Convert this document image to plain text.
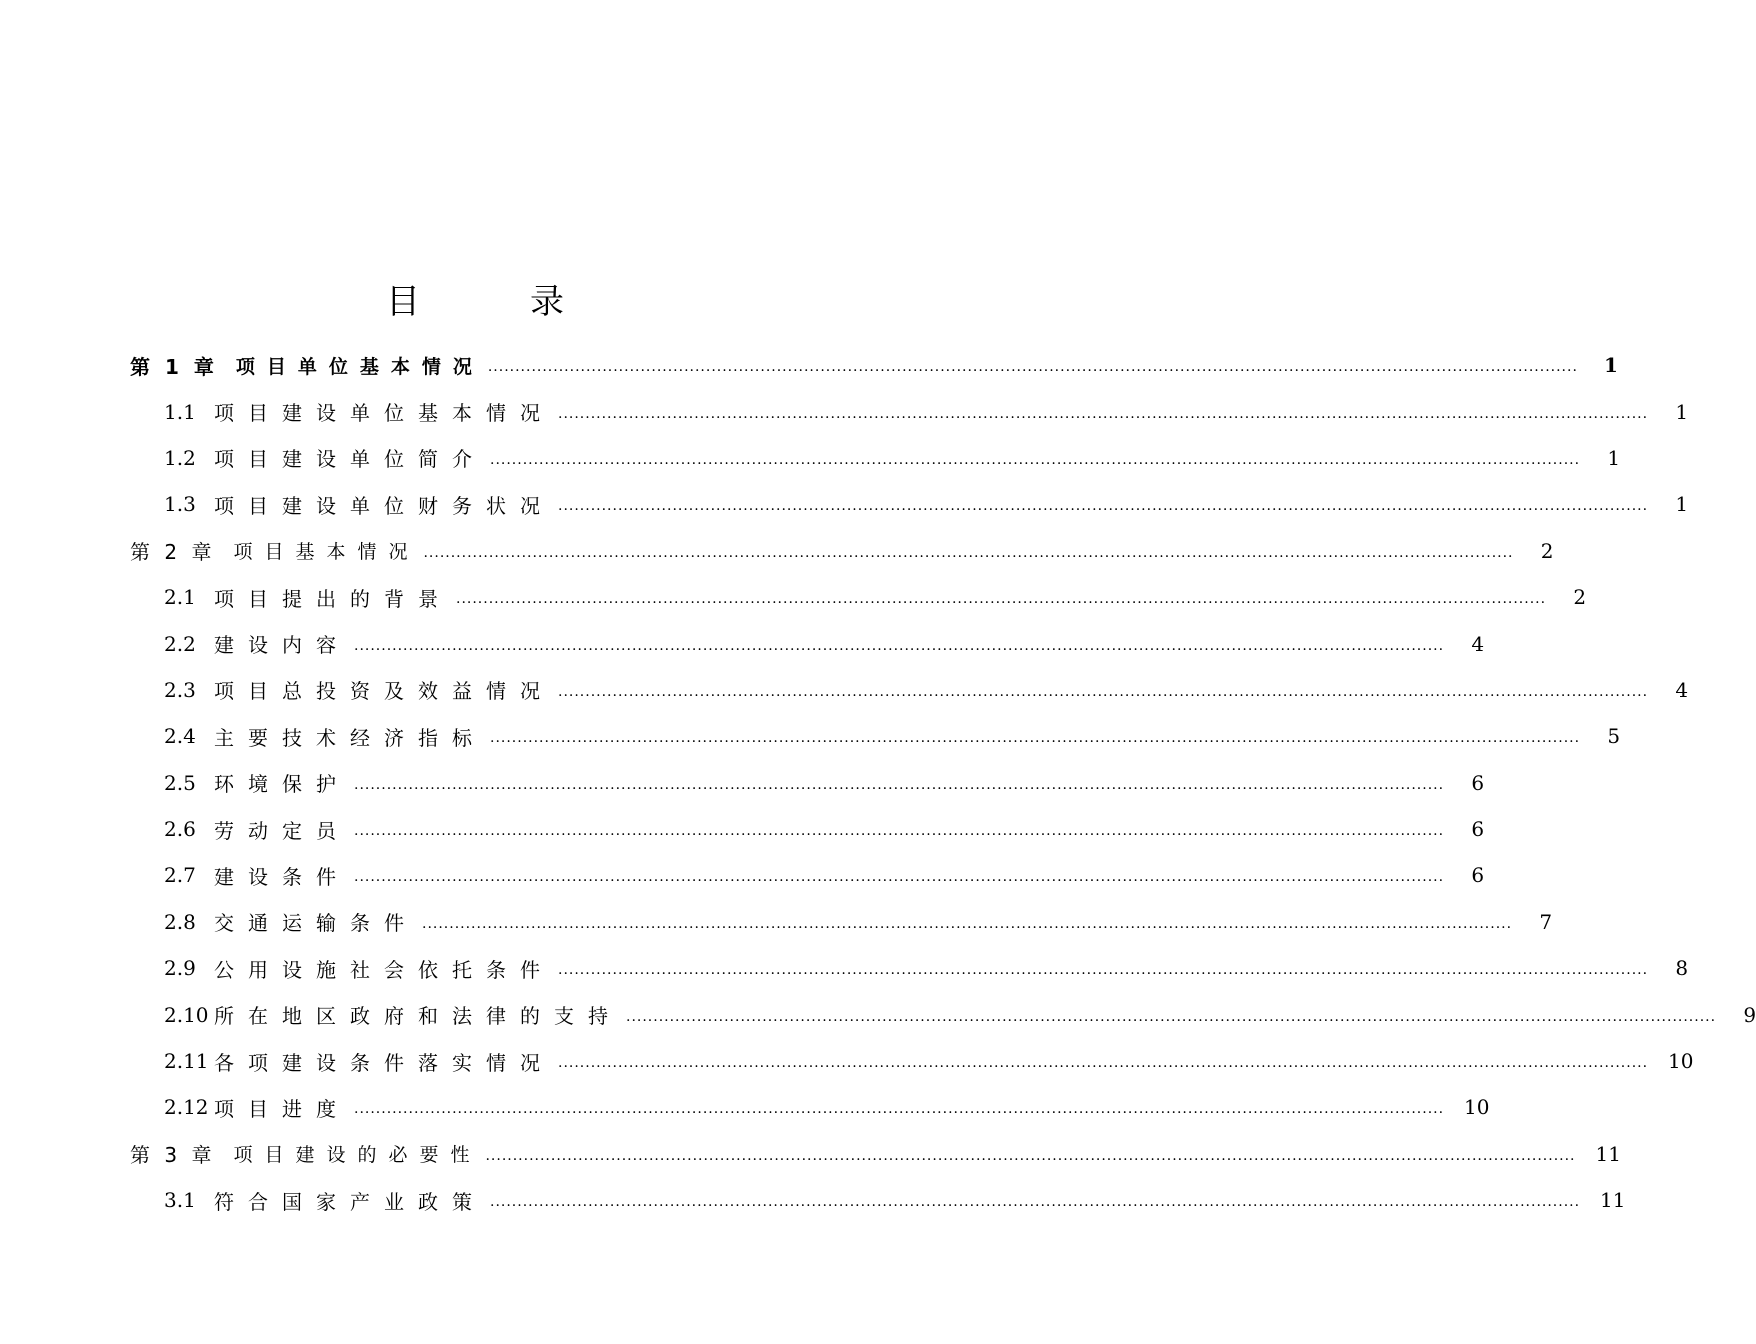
目录
第 1 章 项目单位基本情况 ........................................................................................................................................................................................................	1
1.1 项目建设单位基本情况 ........................................................................................................................................................................................................	1
1.2 项目建设单位简介 ........................................................................................................................................................................................................	1
1.3 项目建设单位财务状况 ........................................................................................................................................................................................................	1
第 2 章 项目基本情况 ........................................................................................................................................................................................................	2
2.1 项目提出的背景 ........................................................................................................................................................................................................	2
2.2 建设内容 ........................................................................................................................................................................................................	4
2.3 项目总投资及效益情况 ........................................................................................................................................................................................................	4
2.4 主要技术经济指标 ........................................................................................................................................................................................................	5
2.5 环境保护 ........................................................................................................................................................................................................	6
2.6 劳动定员 ........................................................................................................................................................................................................	6
2.7 建设条件 ........................................................................................................................................................................................................	6
2.8 交通运输条件 ........................................................................................................................................................................................................	7
2.9 公用设施社会依托条件 ........................................................................................................................................................................................................	8
2.10 所在地区政府和法律的支持 ........................................................................................................................................................................................................	9
2.11 各项建设条件落实情况 ........................................................................................................................................................................................................ 10
2.12 项目进度 ........................................................................................................................................................................................................ 10
第 3 章 项目建设的必要性 ........................................................................................................................................................................................................ 11
3.1 符合国家产业政策 ........................................................................................................................................................................................................ 11
